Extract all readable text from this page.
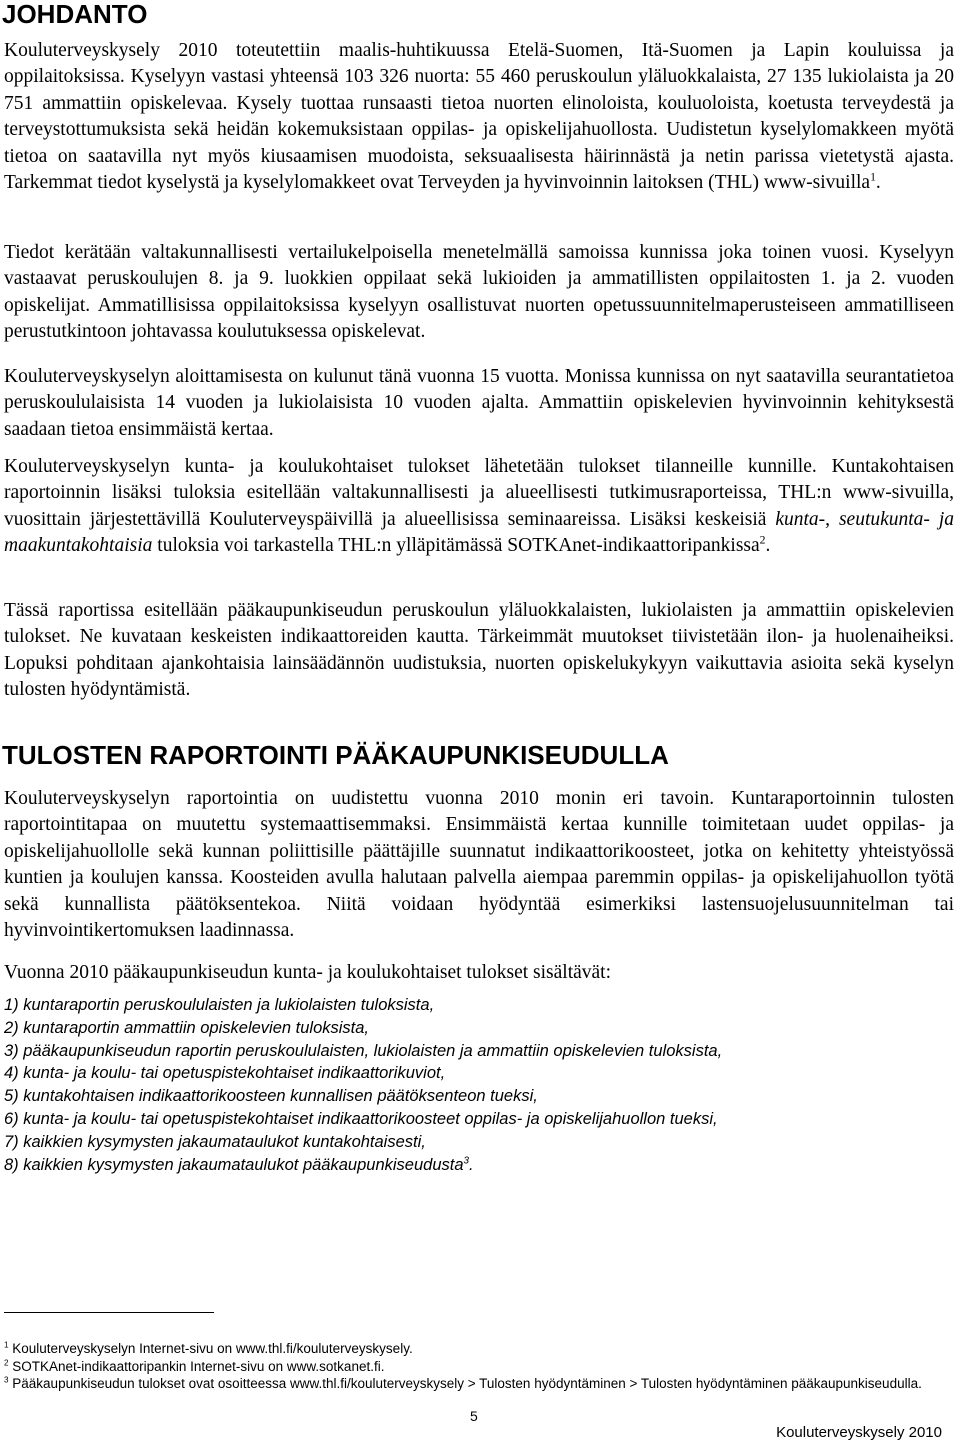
JOHDANTO

Kouluterveyskysely 2010 toteutettiin maalis-huhtikuussa Etelä-Suomen, Itä-Suomen ja Lapin kouluissa ja oppilaitoksissa. Kyselyyn vastasi yhteensä 103 326 nuorta: 55 460 peruskoulun yläluokkalaista, 27 135 lukiolaista ja 20 751 ammattiin opiskelevaa. Kysely tuottaa runsaasti tietoa nuorten elinoloista, kouluoloista, koetusta terveydestä ja terveystottumuksista sekä heidän kokemuksistaan oppilas- ja opiskelijahuollosta. Uudistetun kyselylomakkeen myötä tietoa on saatavilla nyt myös kiusaamisen muodoista, seksuaalisesta häirinnästä ja netin parissa vietetystä ajasta. Tarkemmat tiedot kyselystä ja kyselylomakkeet ovat Terveyden ja hyvinvoinnin laitoksen (THL) www-sivuilla$^1$.

Tiedot kerätään valtakunnallisesti vertailukelpoisella menetelmällä samoissa kunnissa joka toinen vuosi. Kyselyyn vastaavat peruskoulujen 8. ja 9. luokkien oppilaat sekä lukioiden ja ammatillisten oppilaitosten 1. ja 2. vuoden opiskelijat. Ammatillisissa oppilaitoksissa kyselyyn osallistuvat nuorten opetussuunnitelmaperusteiseen ammatilliseen perustutkintoon johtavassa koulutuksessa opiskelevat.

Kouluterveyskyselyn aloittamisesta on kulunut tänä vuonna 15 vuotta. Monissa kunnissa on nyt saatavilla seurantatietoa peruskoululaisista 14 vuoden ja lukiolaisista 10 vuoden ajalta. Ammattiin opiskelevien hyvinvoinnin kehityksestä saadaan tietoa ensimmäistä kertaa.

Kouluterveyskyselyn kunta- ja koulukohtaiset tulokset lähetetään tulokset tilanneille kunnille. Kuntakohtaisen raportoinnin lisäksi tuloksia esitellään valtakunnallisesti ja alueellisesti tutkimusraporteissa, THL:n www-sivuilla, vuosittain järjestettävillä Kouluterveyspäivillä ja alueellisissa seminaareissa. Lisäksi keskeisiä kunta-, seutukunta- ja maakuntakohtaisia tuloksia voi tarkastella THL:n ylläpitämässä SOTKAnet-indikaattoripankissa$^2$.

Tässä raportissa esitellään pääkaupunkiseudun peruskoulun yläluokkalaisten, lukiolaisten ja ammattiin opiskelevien tulokset. Ne kuvataan keskeisten indikaattoreiden kautta. Tärkeimmät muutokset tiivistetään ilon- ja huolenaiheiksi. Lopuksi pohditaan ajankohtaisia lainsäädännön uudistuksia, nuorten opiskelukykyyn vaikuttavia asioita sekä kyselyn tulosten hyödyntämistä.

TULOSTEN RAPORTOINTI PÄÄKAUPUNKISEUDULLA

Kouluterveyskyselyn raportointia on uudistettu vuonna 2010 monin eri tavoin. Kuntaraportoinnin tulosten raportointitapaa on muutettu systemaattisemmaksi. Ensimmäistä kertaa kunnille toimitetaan uudet oppilas- ja opiskelijahuollolle sekä kunnan poliittisille päättäjille suunnatut indikaattorikoosteet, jotka on kehitetty yhteistyössä kuntien ja koulujen kanssa. Koosteiden avulla halutaan palvella aiempaa paremmin oppilas- ja opiskelijahuollon työtä sekä kunnallista päätöksentekoa. Niitä voidaan hyödyntää esimerkiksi lastensuojelusuunnitelman tai hyvinvointikertomuksen laadinnassa.

Vuonna 2010 pääkaupunkiseudun kunta- ja koulukohtaiset tulokset sisältävät:

1) kuntaraportin peruskoululaisten ja lukiolaisten tuloksista,
2) kuntaraportin ammattiin opiskelevien tuloksista,
3) pääkaupunkiseudun raportin peruskoululaisten, lukiolaisten ja ammattiin opiskelevien tuloksista,
4) kunta- ja koulu- tai opetuspistekohtaiset indikaattorikuviot,
5) kuntakohtaisen indikaattorikoosteen kunnallisen päätöksenteon tueksi,
6) kunta- ja koulu- tai opetuspistekohtaiset indikaattorikoosteet oppilas- ja opiskelijahuollon tueksi,
7) kaikkien kysymysten jakaumataulukot kuntakohtaisesti,
8) kaikkien kysymysten jakaumataulukot pääkaupunkiseudusta$^3$.
$^1$ Kouluterveyskyselyn Internet-sivu on www.thl.fi/kouluterveyskysely.
$^2$ SOTKAnet-indikaattoripankin Internet-sivu on www.sotkanet.fi.
$^3$ Pääkaupunkiseudun tulokset ovat osoitteessa www.thl.fi/kouluterveyskysely > Tulosten hyödyntäminen > Tulosten hyödyntäminen pääkaupunkiseudulla.
5
Kouluterveyskysely 2010
